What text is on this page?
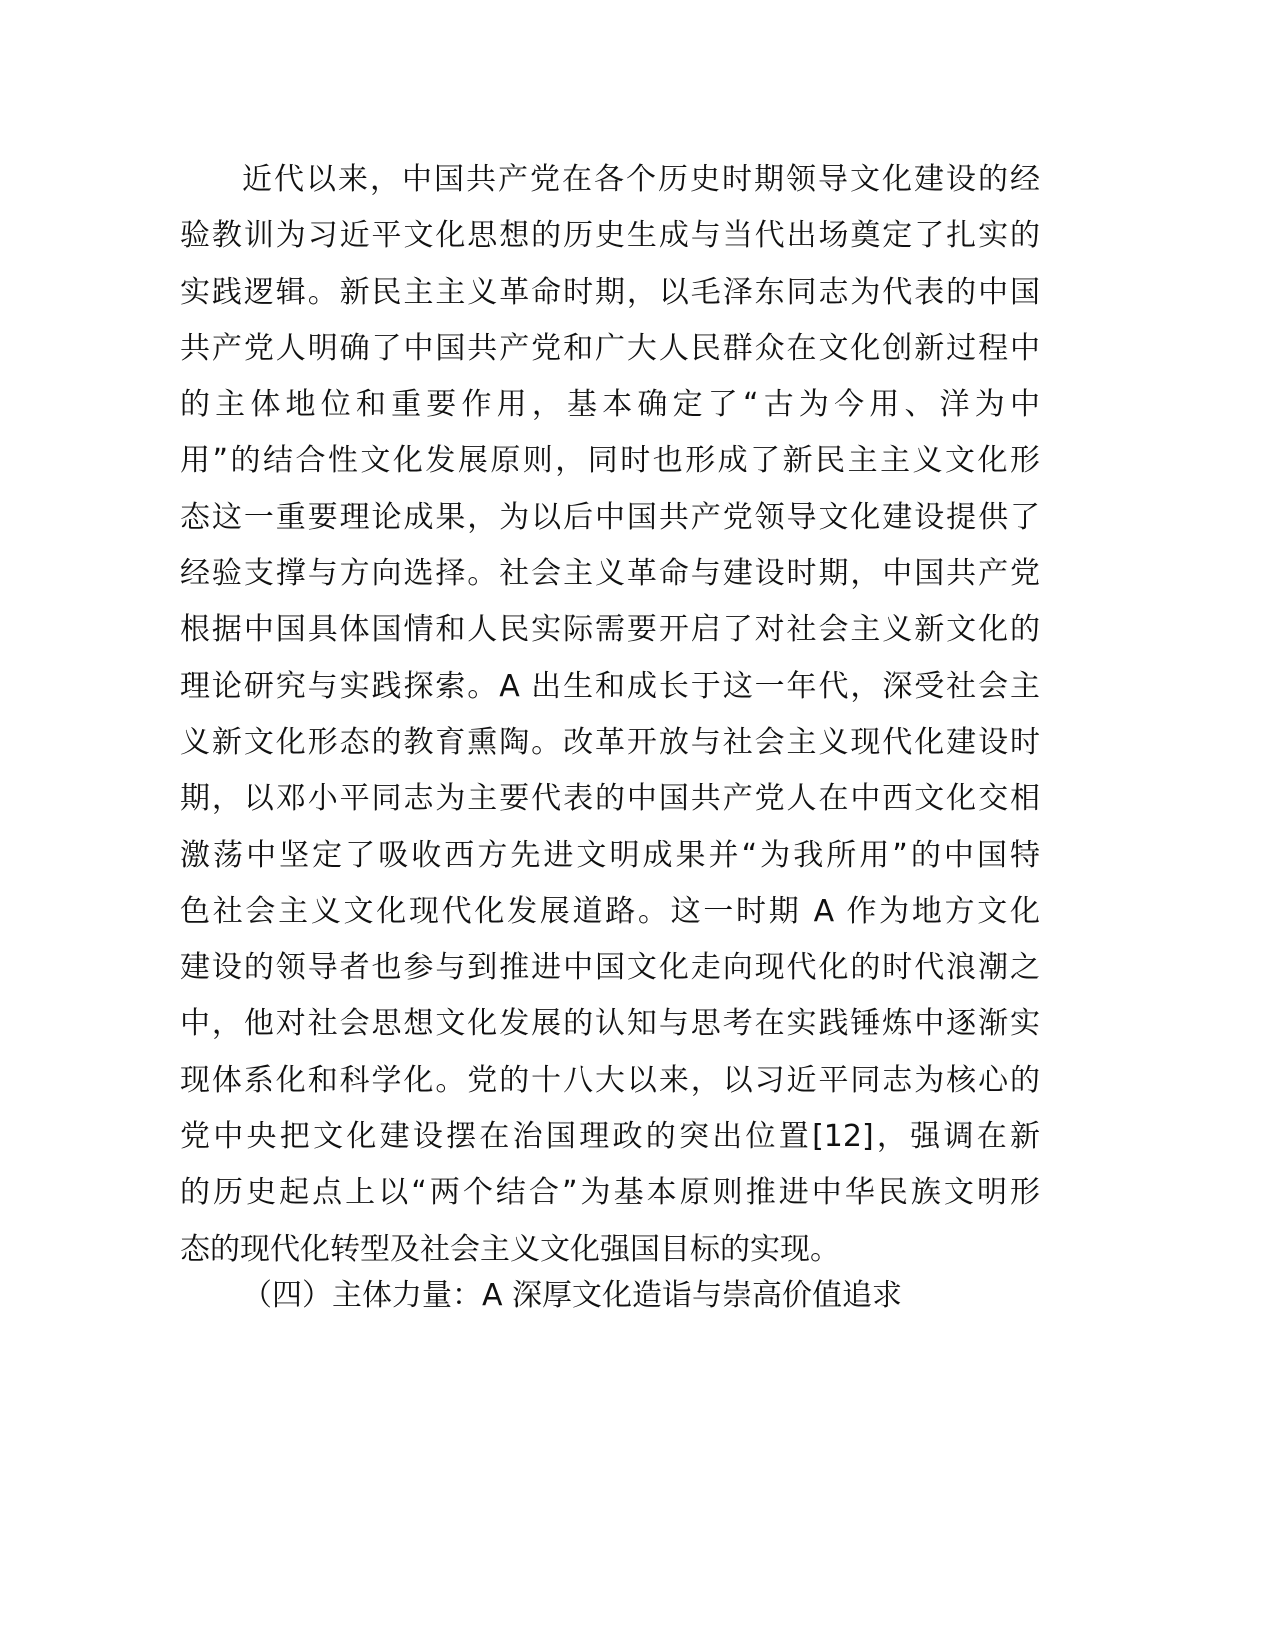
近代以来，中国共产党在各个历史时期领导文化建设的经
验教训为习近平文化思想的历史生成与当代出场奠定了扎实的
实践逻辑。新民主主义革命时期，以毛泽东同志为代表的中国
共产党人明确了中国共产党和广大人民群众在文化创新过程中
的主体地位和重要作用，基本确定了“古为今用、洋为中
用”的结合性文化发展原则，同时也形成了新民主主义文化形
态这一重要理论成果，为以后中国共产党领导文化建设提供了
经验支撑与方向选择。社会主义革命与建设时期，中国共产党
根据中国具体国情和人民实际需要开启了对社会主义新文化的
理论研究与实践探索。A 出生和成长于这一年代，深受社会主
义新文化形态的教育熏陶。改革开放与社会主义现代化建设时
期，以邓小平同志为主要代表的中国共产党人在中西文化交相
激荡中坚定了吸收西方先进文明成果并“为我所用”的中国特
色社会主义文化现代化发展道路。这一时期 A 作为地方文化
建设的领导者也参与到推进中国文化走向现代化的时代浪潮之
中，他对社会思想文化发展的认知与思考在实践锤炼中逐渐实
现体系化和科学化。党的十八大以来，以习近平同志为核心的
党中央把文化建设摆在治国理政的突出位置[12]，强调在新
的历史起点上以“两个结合”为基本原则推进中华民族文明形
态的现代化转型及社会主义文化强国目标的实现。
（四）主体力量：A 深厚文化造诣与崇高价值追求
